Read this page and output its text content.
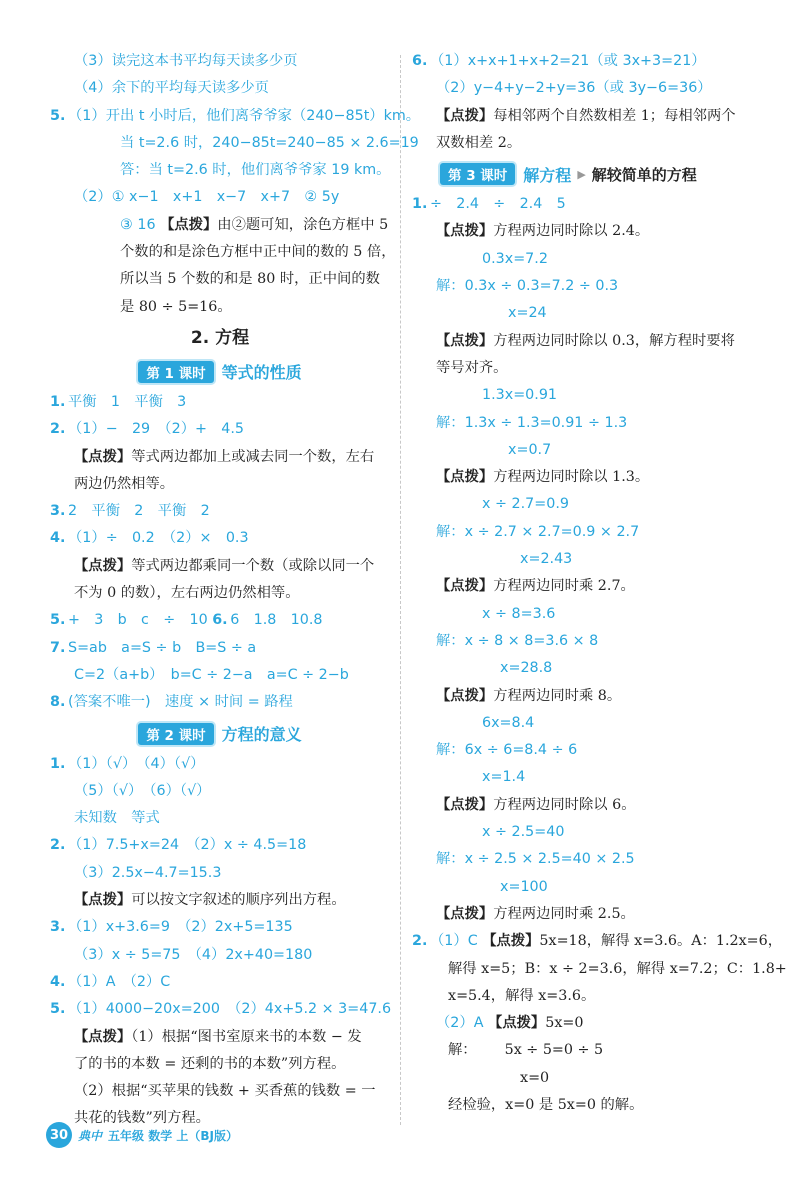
（3）读完这本书平均每天读多少页
（4）余下的平均每天读多少页
5. （1）开出 t 小时后，他们离爷爷家（240−85t）km。
当 t=2.6 时，240−85t=240−85 × 2.6=19
答：当 t=2.6 时，他们离爷爷家 19 km。
（2）① x−1　x+1　x−7　x+7　② 5y
③ 16 【点拨】由②题可知，涂色方框中 5
个数的和是涂色方框中正中间的数的 5 倍，
所以当 5 个数的和是 80 时，正中间的数
是 80 ÷ 5=16。
2. 方程
第 1 课时	等式的性质
1. 平衡　1　平衡　3
2. （1）−　29　（2）+　4.5
【点拨】等式两边都加上或减去同一个数，左右
两边仍然相等。
3. 2　平衡　2　平衡　2
4. （1）÷　0.2　（2）×　0.3
【点拨】等式两边都乘同一个数（或除以同一个
不为 0 的数），左右两边仍然相等。
5. +　3　b　c　÷　10 6. 6　1.8　10.8
7. S=ab　a=S ÷ b　B=S ÷ a
C=2（a+b）　b=C ÷ 2−a　a=C ÷ 2−b
8. (答案不唯一)　速度 × 时间 = 路程
第 2 课时	方程的意义
1. （1）（√）　（4）（√）
（5）（√）　（6）（√）
未知数　等式
2. （1）7.5+x=24　（2）x ÷ 4.5=18
（3）2.5x−4.7=15.3
【点拨】可以按文字叙述的顺序列出方程。
3. （1）x+3.6=9　（2）2x+5=135
（3）x ÷ 5=75　（4）2x+40=180
4. （1）A　（2）C
5. （1）4000−20x=200　（2）4x+5.2 × 3=47.6
【点拨】（1）根据“图书室原来书的本数 − 发
了的书的本数 = 还剩的书的本数”列方程。
（2）根据“买苹果的钱数 + 买香蕉的钱数 = 一
共花的钱数”列方程。
6. （1）x+x+1+x+2=21（或 3x+3=21）
（2）y−4+y−2+y=36（或 3y−6=36）
【点拨】每相邻两个自然数相差 1；每相邻两个
双数相差 2。
第 3 课时	解方程 ▶ 解较简单的方程
1. ÷　2.4　÷　2.4　5
【点拨】方程两边同时除以 2.4。
0.3x=7.2
解：0.3x ÷ 0.3=7.2 ÷ 0.3
x=24
【点拨】方程两边同时除以 0.3，解方程时要将
等号对齐。
1.3x=0.91
解：1.3x ÷ 1.3=0.91 ÷ 1.3
x=0.7
【点拨】方程两边同时除以 1.3。
x ÷ 2.7=0.9
解：x ÷ 2.7 × 2.7=0.9 × 2.7
x=2.43
【点拨】方程两边同时乘 2.7。
x ÷ 8=3.6
解：x ÷ 8 × 8=3.6 × 8
x=28.8
【点拨】方程两边同时乘 8。
6x=8.4
解：6x ÷ 6=8.4 ÷ 6
x=1.4
【点拨】方程两边同时除以 6。
x ÷ 2.5=40
解：x ÷ 2.5 × 2.5=40 × 2.5
x=100
【点拨】方程两边同时乘 2.5。
2. （1）C 【点拨】5x=18，解得 x=3.6。A：1.2x=6，
解得 x=5；B：x ÷ 2=3.6，解得 x=7.2；C：1.8+
x=5.4，解得 x=3.6。
（2）A 【点拨】5x=0
解： 5x ÷ 5=0 ÷ 5
x=0
经检验，x=0 是 5x=0 的解。
30 典中 五年级 数学 上（BJ版）
